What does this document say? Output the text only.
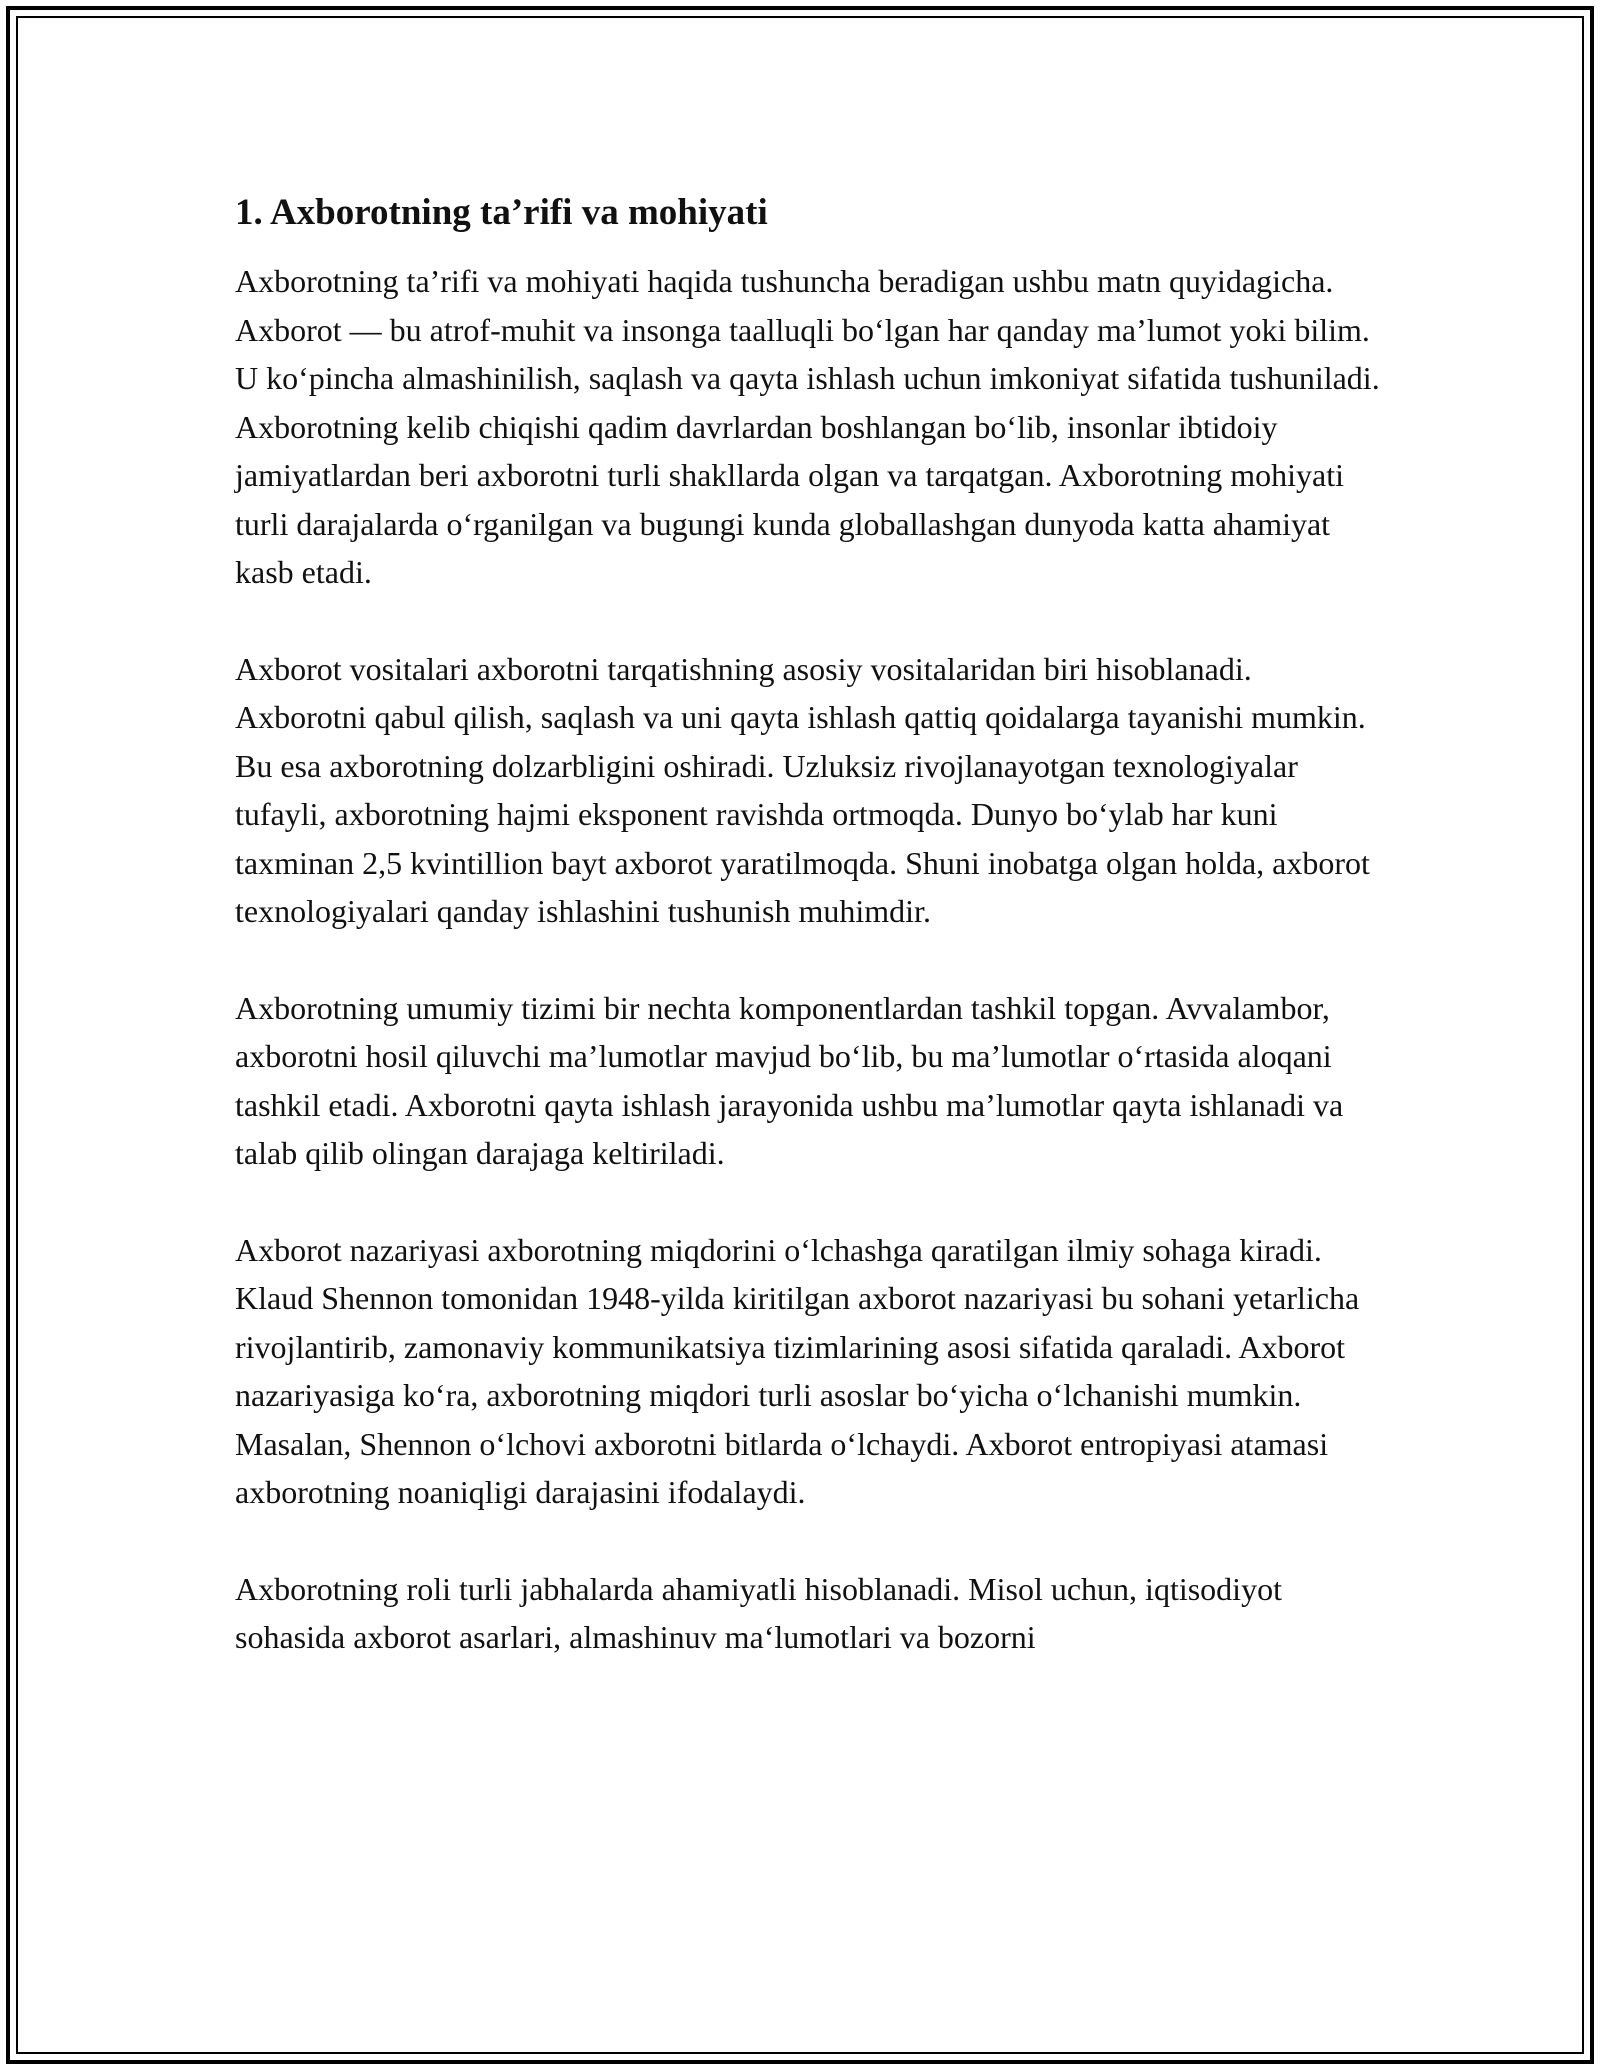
1. Axborotning ta’rifi va mohiyati

Axborotning ta’rifi va mohiyati haqida tushuncha beradigan ushbu matn quyidagicha. Axborot — bu atrof-muhit va insonga taalluqli bo‘lgan har qanday ma’lumot yoki bilim. U ko‘pincha almashinilish, saqlash va qayta ishlash uchun imkoniyat sifatida tushuniladi. Axborotning kelib chiqishi qadim davrlardan boshlangan bo‘lib, insonlar ibtidoiy jamiyatlardan beri axborotni turli shakllarda olgan va tarqatgan. Axborotning mohiyati turli darajalarda o‘rganilgan va bugungi kunda globallashgan dunyoda katta ahamiyat kasb etadi.

Axborot vositalari axborotni tarqatishning asosiy vositalaridan biri hisoblanadi. Axborotni qabul qilish, saqlash va uni qayta ishlash qattiq qoidalarga tayanishi mumkin. Bu esa axborotning dolzarbligini oshiradi. Uzluksiz rivojlanayotgan texnologiyalar tufayli, axborotning hajmi eksponent ravishda ortmoqda. Dunyo bo‘ylab har kuni taxminan 2,5 kvintillion bayt axborot yaratilmoqda. Shuni inobatga olgan holda, axborot texnologiyalari qanday ishlashini tushunish muhimdir.

Axborotning umumiy tizimi bir nechta komponentlardan tashkil topgan. Avvalambor, axborotni hosil qiluvchi ma’lumotlar mavjud bo‘lib, bu ma’lumotlar o‘rtasida aloqani tashkil etadi. Axborotni qayta ishlash jarayonida ushbu ma’lumotlar qayta ishlanadi va talab qilib olingan darajaga keltiriladi.

Axborot nazariyasi axborotning miqdorini o‘lchashga qaratilgan ilmiy sohaga kiradi. Klaud Shennon tomonidan 1948-yilda kiritilgan axborot nazariyasi bu sohani yetarlicha rivojlantirib, zamonaviy kommunikatsiya tizimlarining asosi sifatida qaraladi. Axborot nazariyasiga ko‘ra, axborotning miqdori turli asoslar bo‘yicha o‘lchanishi mumkin. Masalan, Shennon o‘lchovi axborotni bitlarda o‘lchaydi. Axborot entropiyasi atamasi axborotning noaniqligi darajasini ifodalaydi.

Axborotning roli turli jabhalarda ahamiyatli hisoblanadi. Misol uchun, iqtisodiyot sohasida axborot asarlari, almashinuv ma‘lumotlari va bozorni
